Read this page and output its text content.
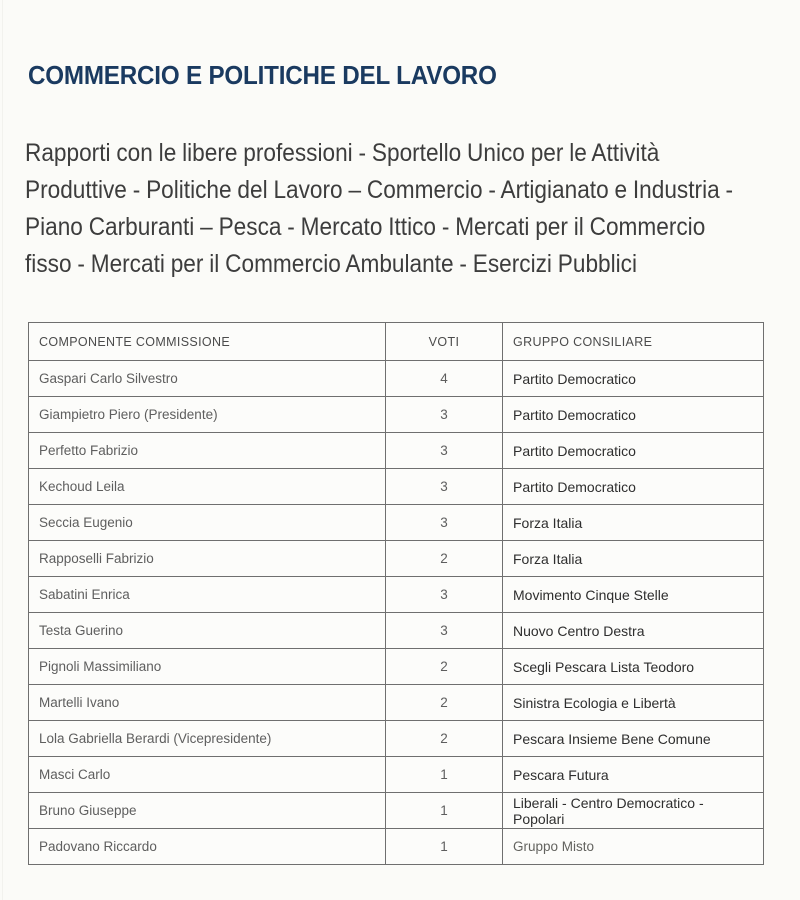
COMMERCIO E POLITICHE DEL LAVORO

Rapporti con le libere professioni - Sportello Unico per le Attività Produttive - Politiche del Lavoro – Commercio - Artigianato e Industria - Piano Carburanti – Pesca - Mercato Ittico - Mercati per il Commercio fisso - Mercati per il Commercio Ambulante - Esercizi Pubblici

COMPONENTE COMMISSIONE	VOTI	GRUPPO CONSILIARE
Gaspari Carlo Silvestro	4	Partito Democratico
Giampietro Piero (Presidente)	3	Partito Democratico
Perfetto Fabrizio	3	Partito Democratico
Kechoud Leila	3	Partito Democratico
Seccia Eugenio	3	Forza Italia
Rapposelli Fabrizio	2	Forza Italia
Sabatini Enrica	3	Movimento Cinque Stelle
Testa Guerino	3	Nuovo Centro Destra
Pignoli Massimiliano	2	Scegli Pescara Lista Teodoro
Martelli Ivano	2	Sinistra Ecologia e Libertà
Lola Gabriella Berardi (Vicepresidente)	2	Pescara Insieme Bene Comune
Masci Carlo	1	Pescara Futura
Bruno Giuseppe	1	Liberali - Centro Democratico - Popolari
Padovano Riccardo	1	Gruppo Misto
